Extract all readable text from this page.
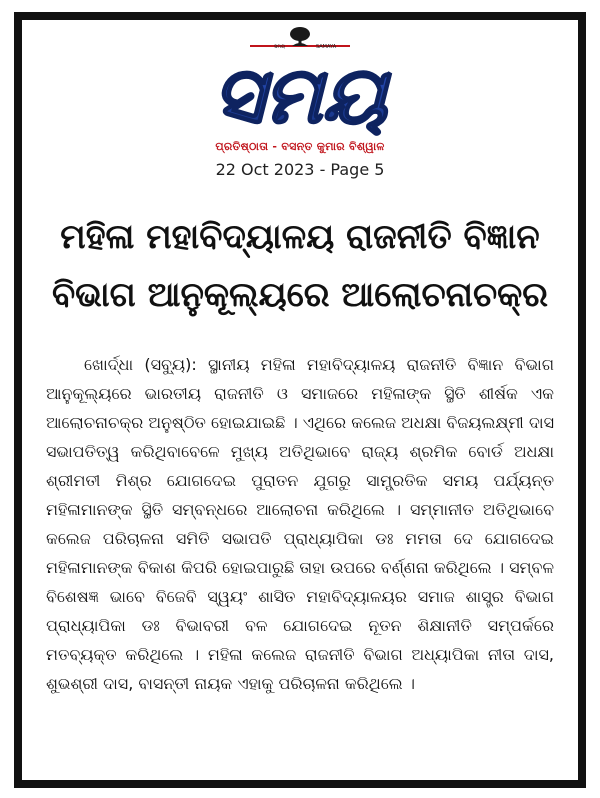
ସମୟ	SAMAYA
ସମୟ
ପ୍ରତିଷ୍ଠାତା - ବସନ୍ତ କୁମାର ବିଶ୍ୱାଳ
22 Oct 2023 - Page 5
ମହିଳା ମହାବିଦ୍ୟାଳୟ ରାଜନୀତି ବିଜ୍ଞାନ
ବିଭାଗ ଆନୁକୂଲ୍ୟରେ ଆଲୋଚନାଚକ୍ର
ଖୋର୍ଦ୍ଧା (ସବ୍ୟୁ): ସ୍ଥାନୀୟ ମହିଳା ମହାବିଦ୍ୟାଳୟ ରାଜନୀତି ବିଜ୍ଞାନ ବିଭାଗ ଆନୁକୂଲ୍ୟରେ ଭାରତୀୟ ରାଜନୀତି ଓ ସମାଜରେ ମହିଳାଙ୍କ ସ୍ଥିତି ଶୀର୍ଷକ ଏକ ଆଲୋଚନାଚକ୍ର ଅନୁଷ୍ଠିତ ହୋଇଯାଇଛି । ଏଥିରେ କଲେଜ ଅଧକ୍ଷା ବିଜୟଲକ୍ଷ୍ମୀ ଦାସ ସଭାପତିତ୍ୱ କରିଥିବାବେଳେ ମୁଖ୍ୟ ଅତିଥିଭାବେ ରାଜ୍ୟ ଶ୍ରମିକ ବୋର୍ଡ ଅଧକ୍ଷା ଶ୍ରୀମତୀ ମିଶ୍ର ଯୋଗଦେଇ ପୁରାତନ ଯୁଗରୁ ସାମ୍ପ୍ରତିକ ସମୟ ପର୍ଯ୍ୟନ୍ତ ମହିଳାମାନଙ୍କ ସ୍ଥିତି ସମ୍ବନ୍ଧରେ ଆଲୋଚନା କରିଥିଲେ । ସମ୍ମାନୀତ ଅତିଥିଭାବେ କଲେଜ ପରିଚାଳନା ସମିତି ସଭାପତି ପ୍ରାଧ୍ୟାପିକା ଡଃ ମମତା ଦେ ଯୋଗଦେଇ ମହିଳାମାନଙ୍କ ବିକାଶ କିପରି ହୋଇପାରୁଛି ତାହା ଉପରେ ବର୍ଣ୍ଣନା କରିଥିଲେ । ସମ୍ବଳ ବିଶେଷଜ୍ଞ ଭାବେ ବିଜେବି ସ୍ୱୟଂ ଶାସିତ ମହାବିଦ୍ୟାଳୟର ସମାଜ ଶାସ୍ତ୍ର ବିଭାଗ ପ୍ରାଧ୍ୟାପିକା ଡଃ ବିଭାବରୀ ବଳ ଯୋଗଦେଇ ନୂତନ ଶିକ୍ଷାନୀତି ସମ୍ପର୍କରେ ମତବ୍ୟକ୍ତ କରିଥିଲେ । ମହିଳା କଲେଜ ରାଜନୀତି ବିଭାଗ ଅଧ୍ୟାପିକା ନୀତା ଦାସ, ଶୁଭଶ୍ରୀ ଦାସ, ବାସନ୍ତୀ ନାୟକ ଏହାକୁ ପରିଚାଳନା କରିଥିଲେ ।
